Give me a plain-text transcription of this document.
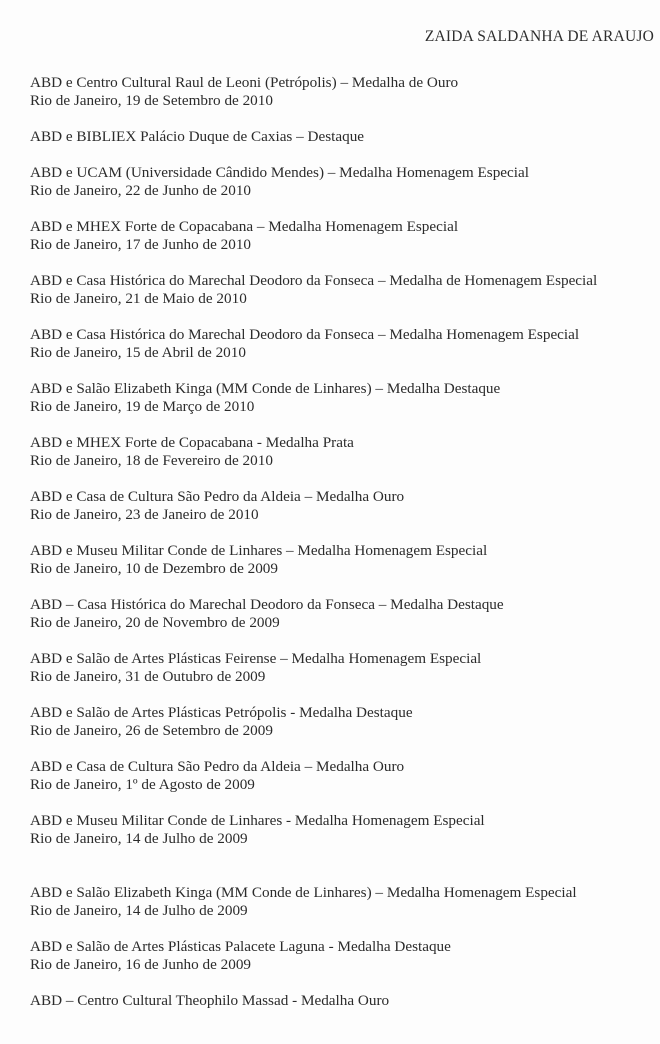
ZAIDA SALDANHA DE ARAUJO
ABD e Centro Cultural Raul de Leoni (Petrópolis) – Medalha de Ouro
Rio de Janeiro, 19 de Setembro de 2010
ABD e BIBLIEX Palácio Duque de Caxias – Destaque
ABD e UCAM (Universidade Cândido Mendes) – Medalha Homenagem Especial
Rio de Janeiro, 22 de Junho de 2010
ABD e MHEX Forte de Copacabana – Medalha Homenagem Especial
Rio de Janeiro, 17 de Junho de 2010
ABD e Casa Histórica do Marechal Deodoro da Fonseca – Medalha de Homenagem Especial
Rio de Janeiro, 21 de Maio de 2010
ABD e Casa Histórica do Marechal Deodoro da Fonseca – Medalha Homenagem Especial
Rio de Janeiro, 15 de Abril de 2010
ABD e Salão Elizabeth Kinga (MM Conde de Linhares) – Medalha Destaque
Rio de Janeiro, 19 de Março de 2010
ABD e MHEX Forte de Copacabana - Medalha Prata
Rio de Janeiro, 18 de Fevereiro de 2010
ABD e Casa de Cultura São Pedro da Aldeia – Medalha Ouro
Rio de Janeiro, 23 de Janeiro de 2010
ABD e Museu Militar Conde de Linhares – Medalha Homenagem Especial
Rio de Janeiro, 10 de Dezembro de 2009
ABD – Casa Histórica do Marechal Deodoro da Fonseca – Medalha Destaque
Rio de Janeiro, 20 de Novembro de 2009
ABD e Salão de Artes Plásticas Feirense – Medalha Homenagem Especial
Rio de Janeiro, 31 de Outubro de 2009
ABD e Salão de Artes Plásticas Petrópolis - Medalha Destaque
Rio de Janeiro, 26 de Setembro de 2009
ABD e Casa de Cultura São Pedro da Aldeia – Medalha Ouro
Rio de Janeiro, 1º de Agosto de 2009
ABD e Museu Militar Conde de Linhares - Medalha Homenagem Especial
Rio de Janeiro, 14 de Julho de 2009
ABD e Salão Elizabeth Kinga (MM Conde de Linhares) – Medalha Homenagem Especial
Rio de Janeiro, 14 de Julho de 2009
ABD e Salão de Artes Plásticas Palacete Laguna - Medalha Destaque
Rio de Janeiro, 16 de Junho de 2009
ABD – Centro Cultural Theophilo Massad - Medalha Ouro
